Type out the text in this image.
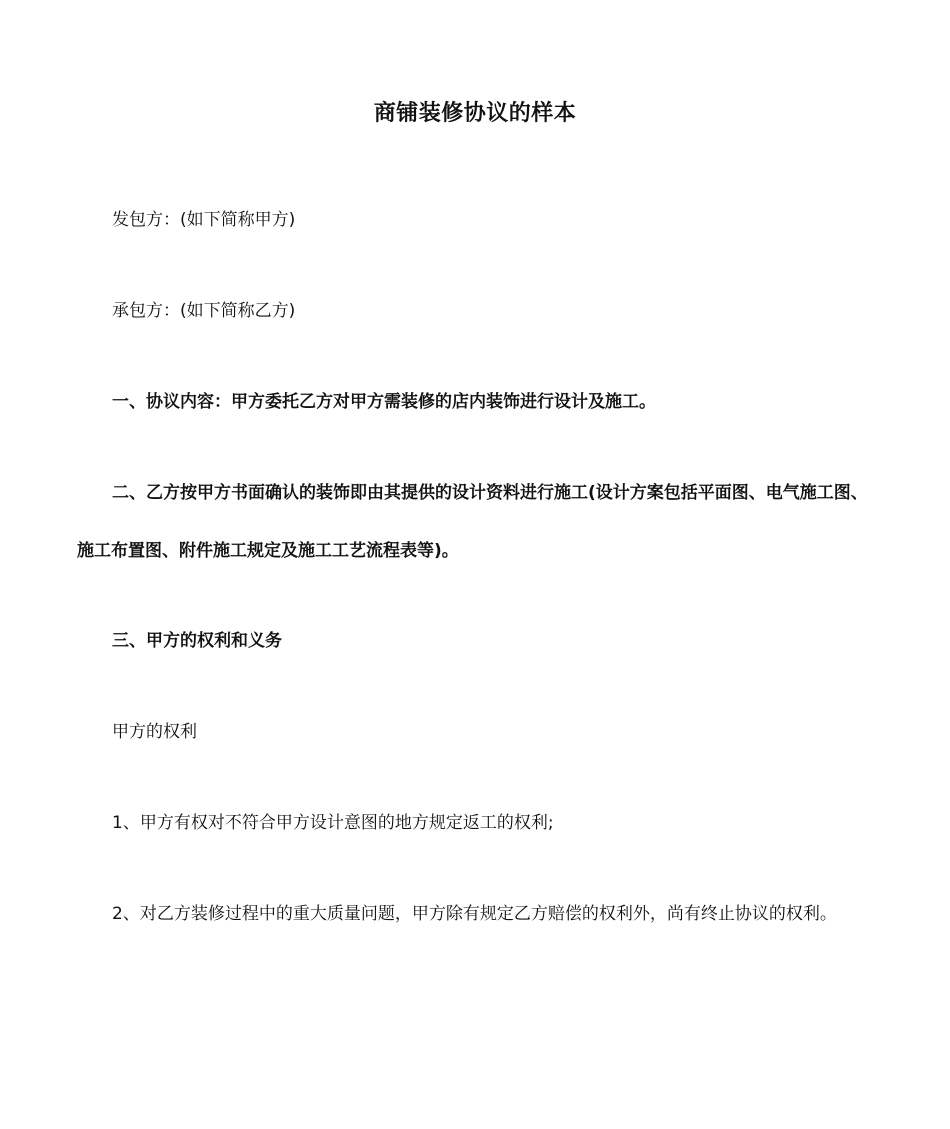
商铺装修协议的样本

发包方：(如下简称甲方)

承包方：(如下简称乙方)

一、协议内容：甲方委托乙方对甲方需装修的店内装饰进行设计及施工。

二、乙方按甲方书面确认的装饰即由其提供的设计资料进行施工(设计方案包括平面图、电气施工图、施工布置图、附件施工规定及施工工艺流程表等)。

三、甲方的权利和义务

甲方的权利

1、甲方有权对不符合甲方设计意图的地方规定返工的权利;

2、对乙方装修过程中的重大质量问题，甲方除有规定乙方赔偿的权利外，尚有终止协议的权利。
